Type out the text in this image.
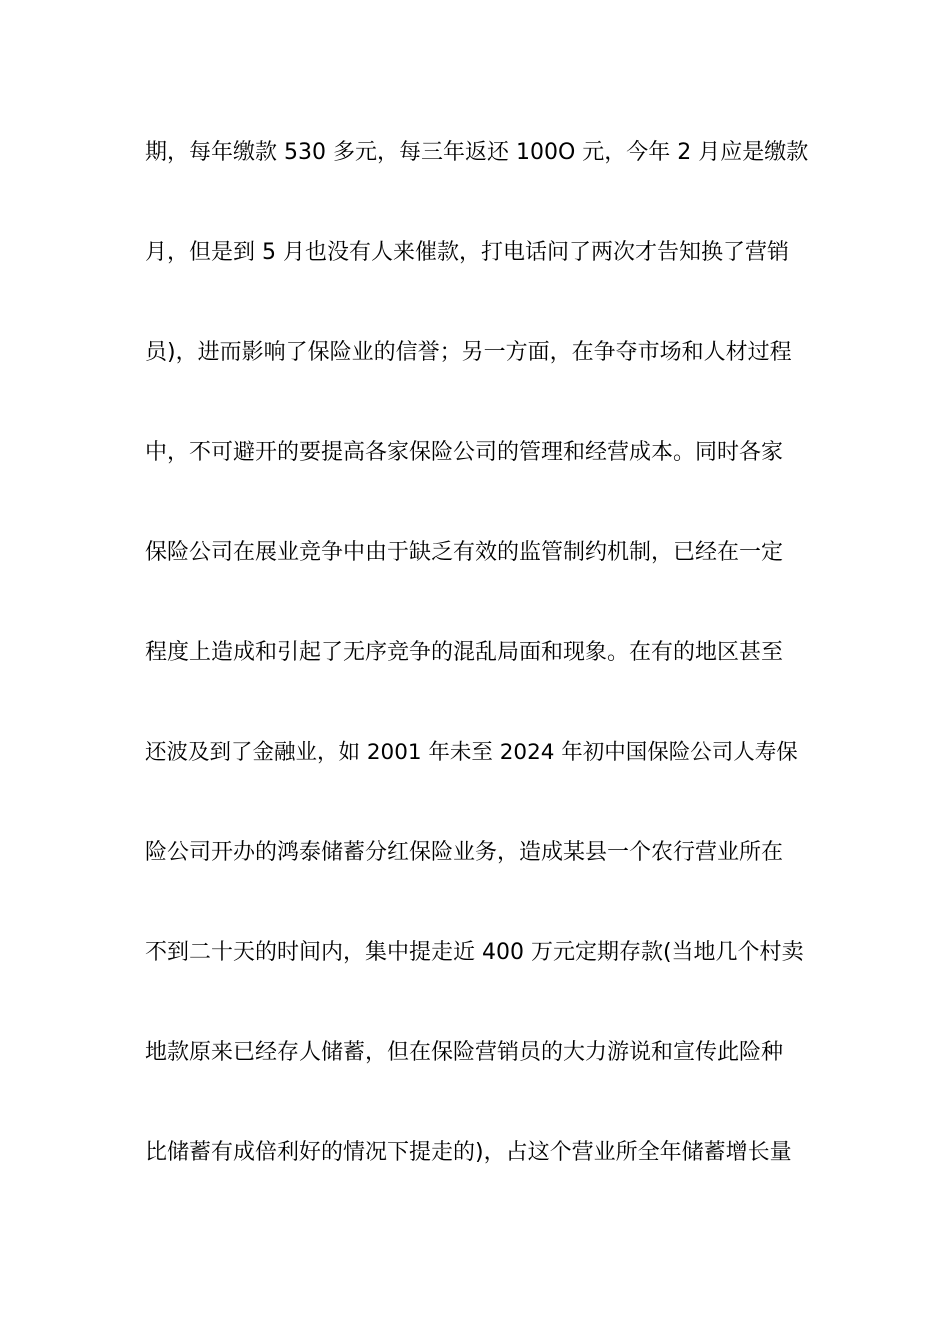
期，每年缴款 530 多元，每三年返还 100O 元，今年 2 月应是缴款
月，但是到 5 月也没有人来催款，打电话问了两次才告知换了营销
员)，进而影响了保险业的信誉；另一方面，在争夺市场和人材过程
中，不可避开的要提高各家保险公司的管理和经营成本。同时各家
保险公司在展业竞争中由于缺乏有效的监管制约机制，已经在一定
程度上造成和引起了无序竞争的混乱局面和现象。在有的地区甚至
还波及到了金融业，如 2001 年未至 2024 年初中国保险公司人寿保
险公司开办的鸿泰储蓄分红保险业务，造成某县一个农行营业所在
不到二十天的时间内，集中提走近 400 万元定期存款(当地几个村卖
地款原来已经存人储蓄，但在保险营销员的大力游说和宣传此险种
比储蓄有成倍利好的情况下提走的)，占这个营业所全年储蓄增长量
